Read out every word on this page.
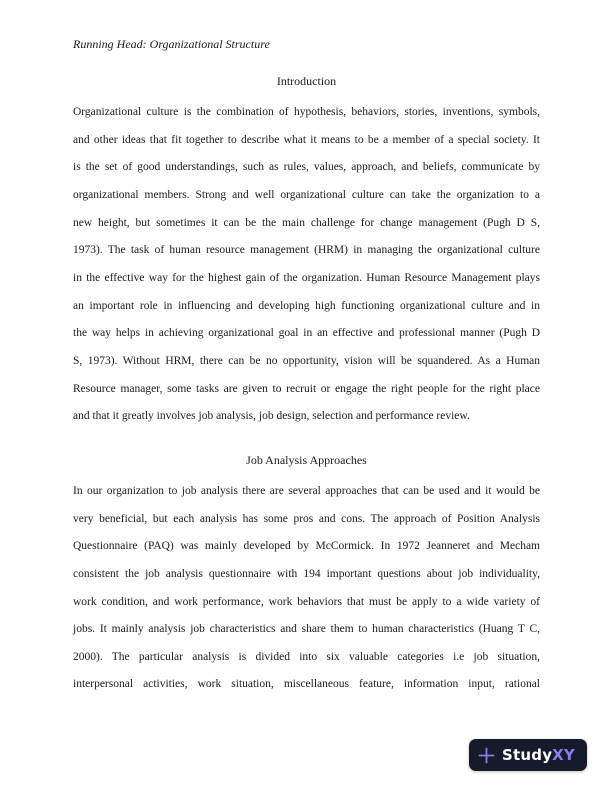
Running Head: Organizational Structure
Introduction
Organizational culture is the combination of hypothesis, behaviors, stories, inventions, symbols,
and other ideas that fit together to describe what it means to be a member of a special society. It
is the set of good understandings, such as rules, values, approach, and beliefs, communicate by
organizational members. Strong and well organizational culture can take the organization to a
new height, but sometimes it can be the main challenge for change management (Pugh D S,
1973). The task of human resource management (HRM) in managing the organizational culture
in the effective way for the highest gain of the organization. Human Resource Management plays
an important role in influencing and developing high functioning organizational culture and in
the way helps in achieving organizational goal in an effective and professional manner (Pugh D
S, 1973). Without HRM, there can be no opportunity, vision will be squandered. As a Human
Resource manager, some tasks are given to recruit or engage the right people for the right place
and that it greatly involves job analysis, job design, selection and performance review.
Job Analysis Approaches
In our organization to job analysis there are several approaches that can be used and it would be
very beneficial, but each analysis has some pros and cons. The approach of Position Analysis
Questionnaire (PAQ) was mainly developed by McCormick. In 1972 Jeanneret and Mecham
consistent the job analysis questionnaire with 194 important questions about job individuality,
work condition, and work performance, work behaviors that must be apply to a wide variety of
jobs. It mainly analysis job characteristics and share them to human characteristics (Huang T C,
2000). The particular analysis is divided into six valuable categories i.e job situation,
interpersonal activities, work situation, miscellaneous feature, information input, rational
StudyXY
